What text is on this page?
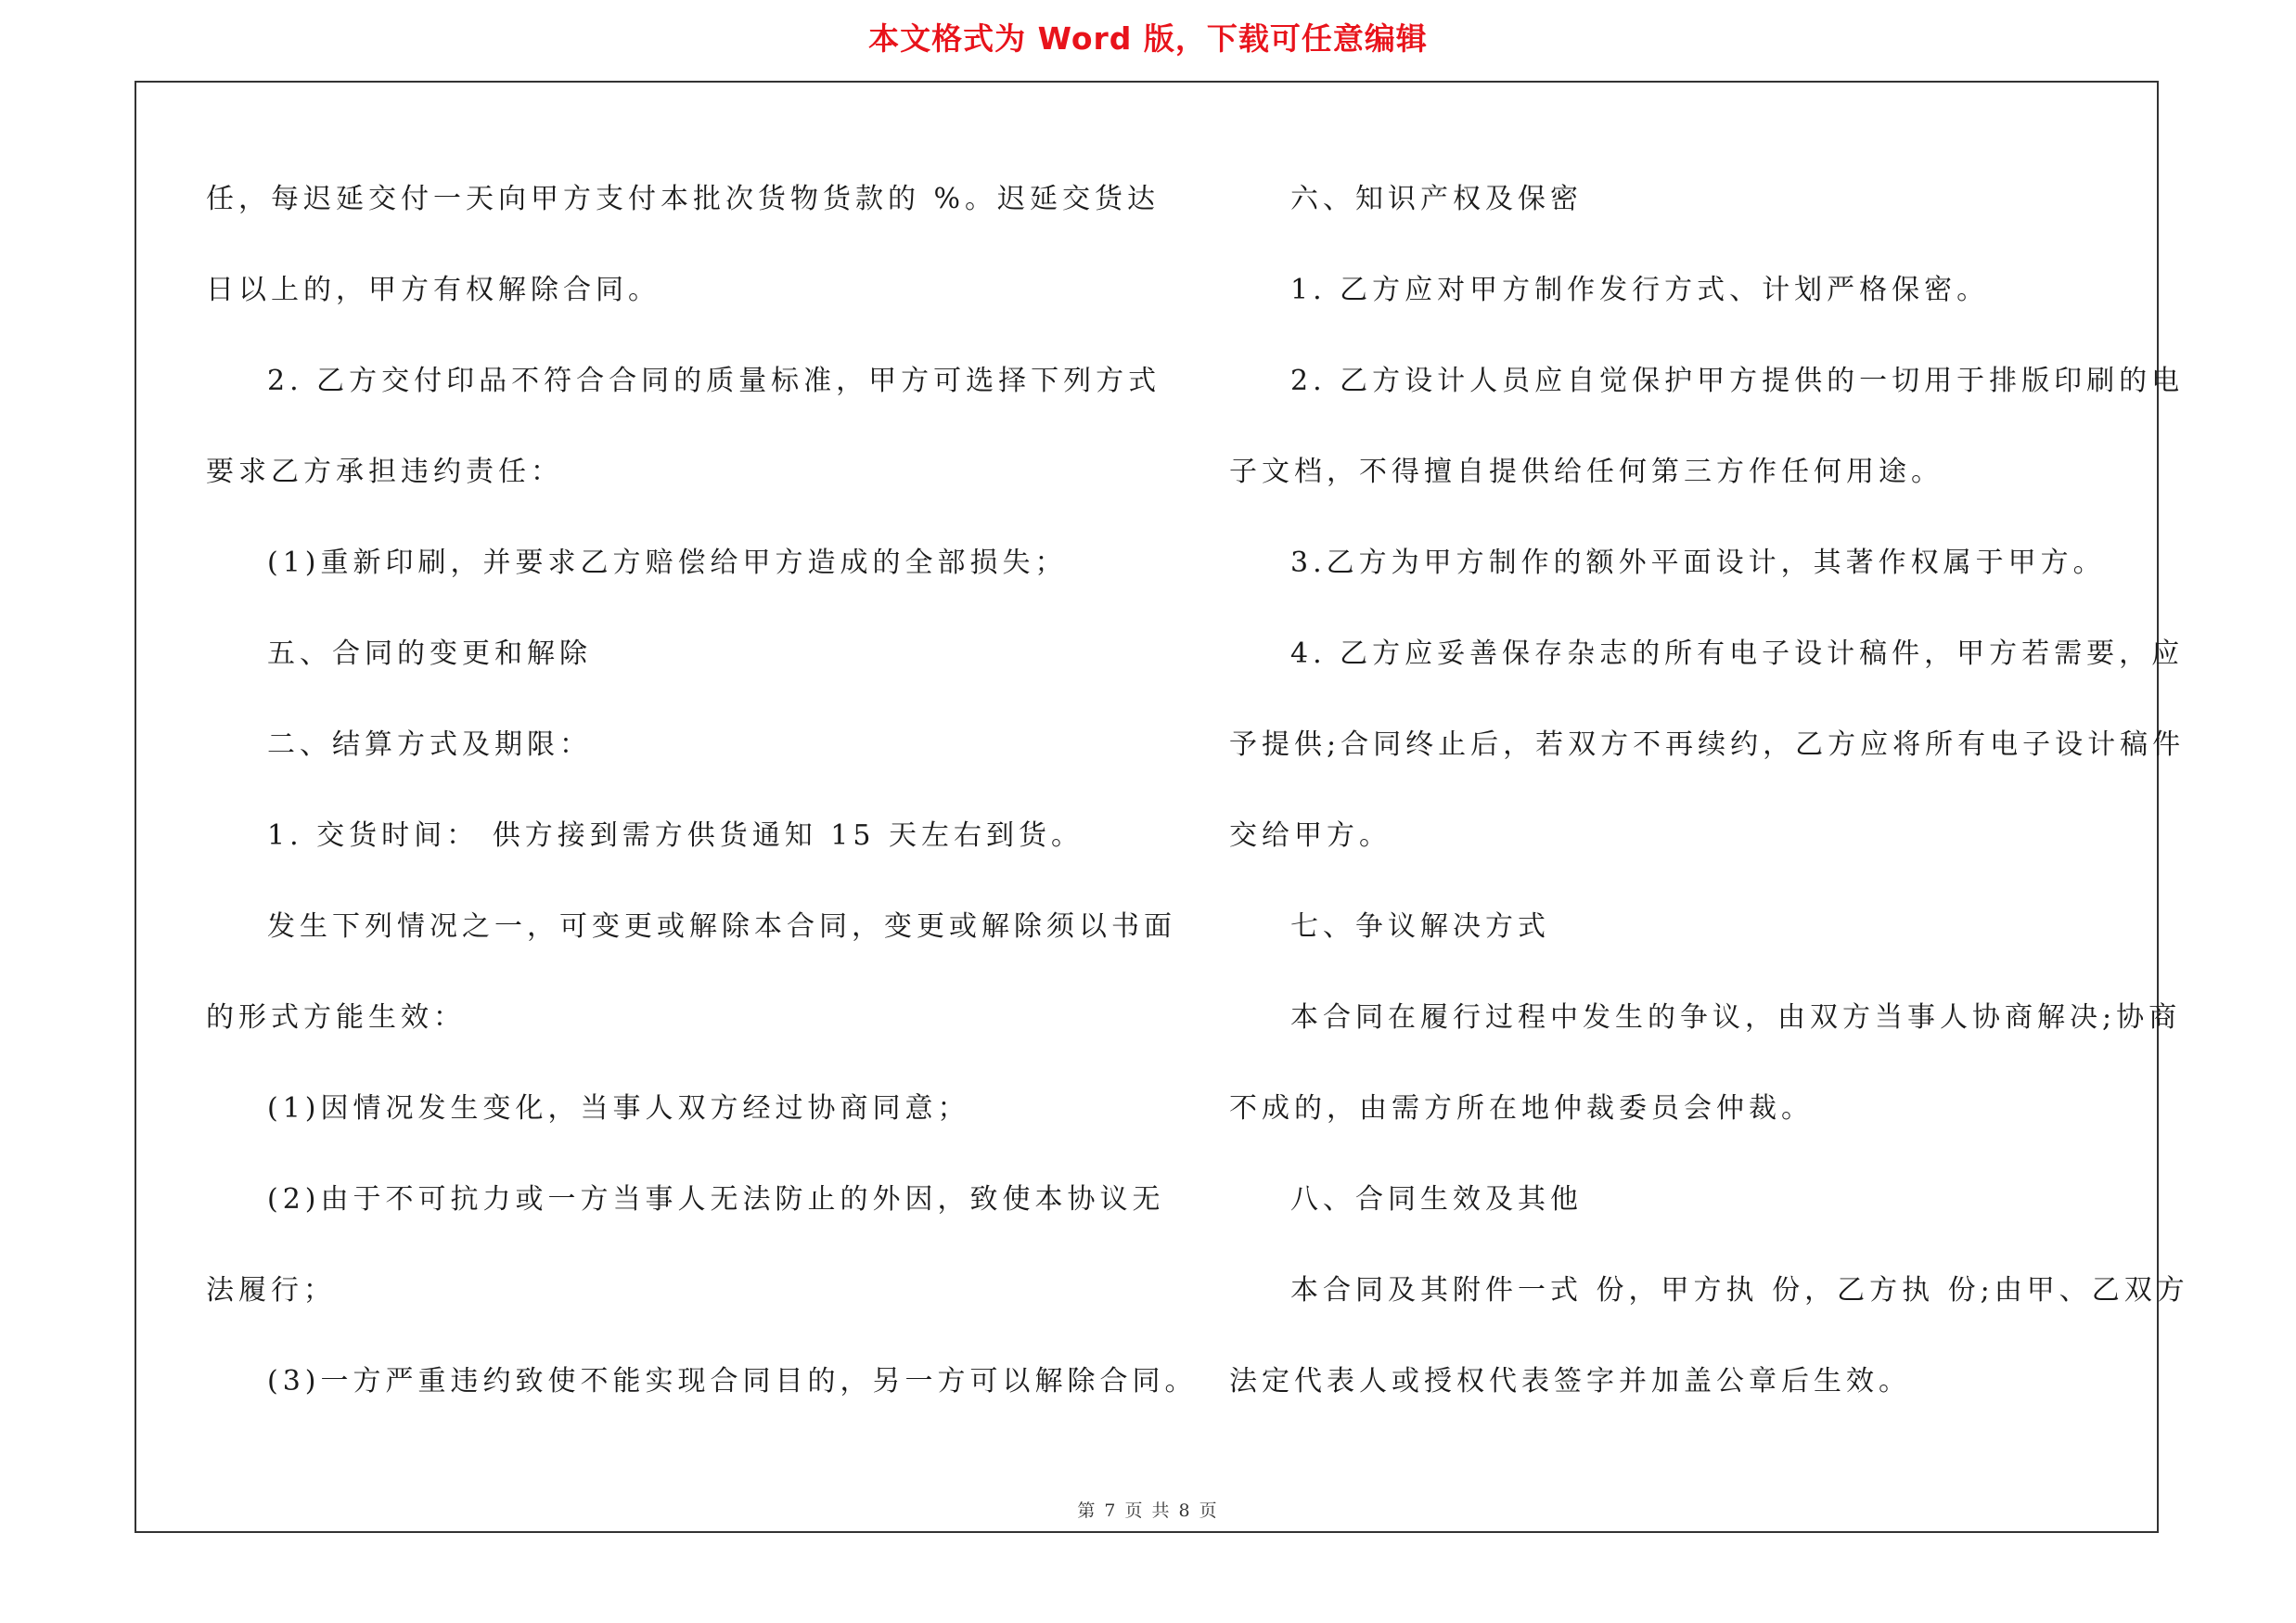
本文格式为 Word 版，下载可任意编辑
任，每迟延交付一天向甲方支付本批次货物货款的 %。迟延交货达
日以上的，甲方有权解除合同。
2. 乙方交付印品不符合合同的质量标准，甲方可选择下列方式
要求乙方承担违约责任：
(1)重新印刷，并要求乙方赔偿给甲方造成的全部损失；
五、合同的变更和解除
二、结算方式及期限：
1. 交货时间： 供方接到需方供货通知 15 天左右到货。
发生下列情况之一，可变更或解除本合同，变更或解除须以书面
的形式方能生效：
(1)因情况发生变化，当事人双方经过协商同意；
(2)由于不可抗力或一方当事人无法防止的外因，致使本协议无
法履行；
(3)一方严重违约致使不能实现合同目的，另一方可以解除合同。
六、知识产权及保密
1. 乙方应对甲方制作发行方式、计划严格保密。
2. 乙方设计人员应自觉保护甲方提供的一切用于排版印刷的电
子文档，不得擅自提供给任何第三方作任何用途。
3.乙方为甲方制作的额外平面设计，其著作权属于甲方。
4. 乙方应妥善保存杂志的所有电子设计稿件，甲方若需要，应
予提供;合同终止后，若双方不再续约，乙方应将所有电子设计稿件
交给甲方。
七、争议解决方式
本合同在履行过程中发生的争议，由双方当事人协商解决;协商
不成的，由需方所在地仲裁委员会仲裁。
八、合同生效及其他
本合同及其附件一式 份，甲方执 份，乙方执 份;由甲、乙双方
法定代表人或授权代表签字并加盖公章后生效。
第 7 页 共 8 页
